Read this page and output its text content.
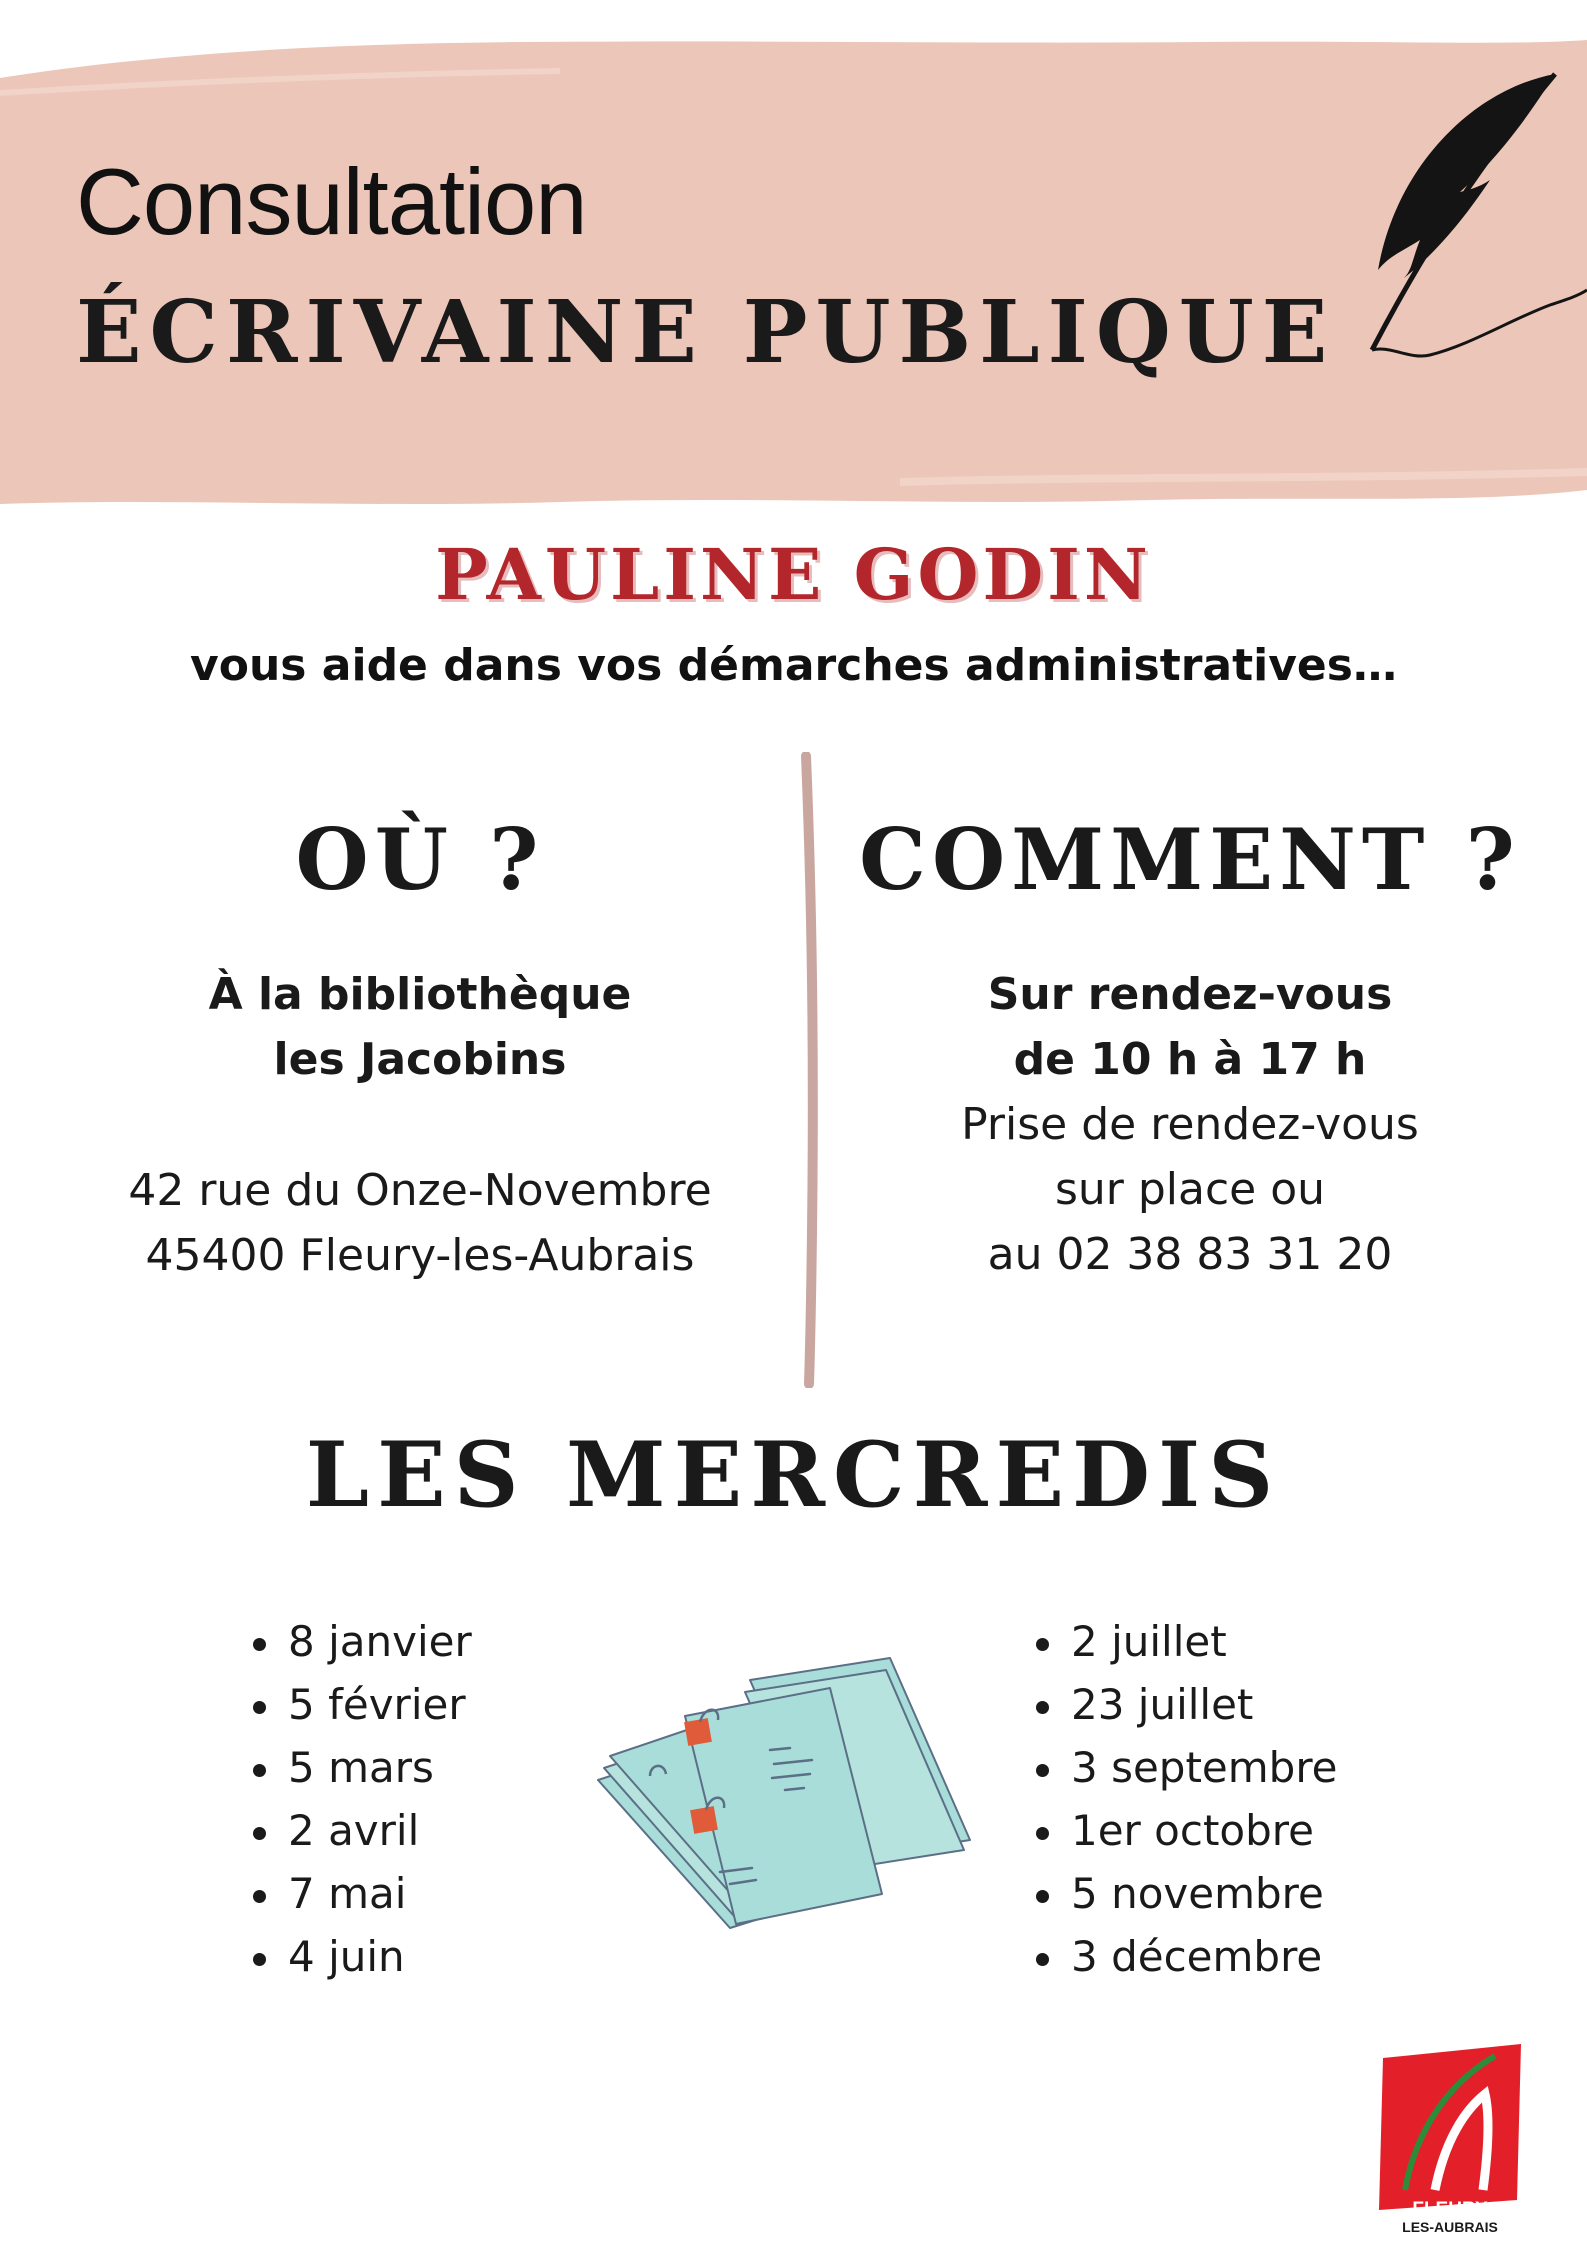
Consultation
ÉCRIVAINE PUBLIQUE
PAULINE GODIN
vous aide dans vos démarches administratives…
OÙ ?	COMMENT ?
À la bibliothèque
les Jacobins
42 rue du Onze-Novembre
45400 Fleury-les-Aubrais
Sur rendez-vous
de 10 h à 17 h
Prise de rendez-vous
sur place ou
au 02 38 83 31 20
LES MERCREDIS
8 janvier
5 février
5 mars
2 avril
7 mai
4 juin
2 juillet
23 juillet
3 septembre
1er octobre
5 novembre
3 décembre
FLEURY
LES-AUBRAIS
